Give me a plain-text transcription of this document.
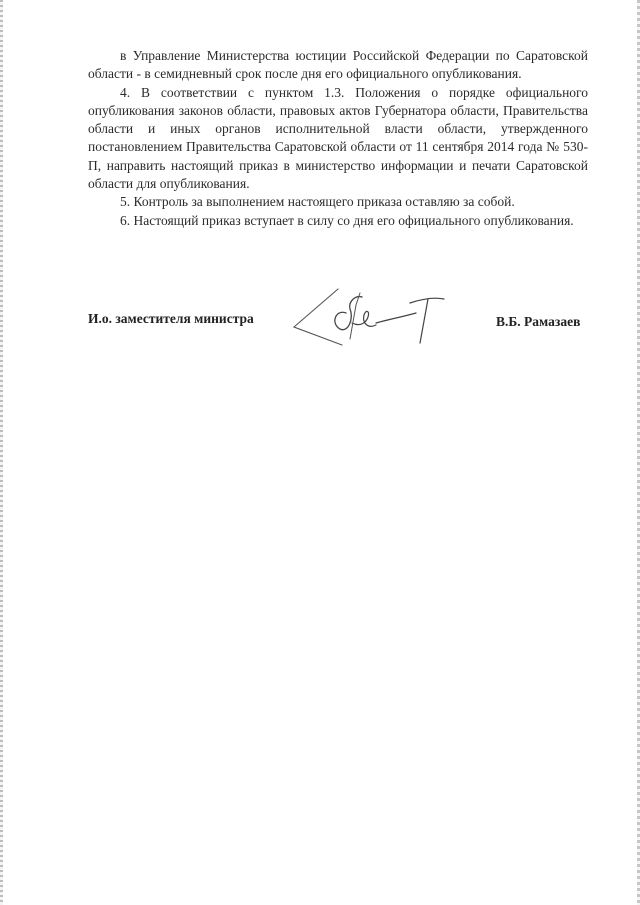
в Управление Министерства юстиции Российской Федерации по Саратовской области - в семидневный срок после дня его официального опубликования.

4. В соответствии с пунктом 1.3. Положения о порядке официального опубликования законов области, правовых актов Губернатора области, Правительства области и иных органов исполнительной власти области, утвержденного постановлением Правительства Саратовской области от 11 сентября 2014 года № 530-П, направить настоящий приказ в министерство информации и печати Саратовской области для опубликования.

5. Контроль за выполнением настоящего приказа оставляю за собой.

6. Настоящий приказ вступает в силу со дня его официального опубликования.

И.о. заместителя министра	В.Б. Рамазаев
